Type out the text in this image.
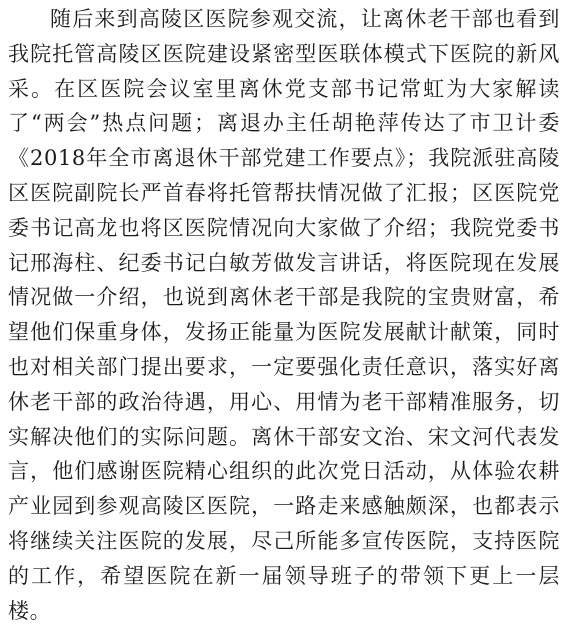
随后来到高陵区医院参观交流，让离休老干部也看到我院托管高陵区医院建设紧密型医联体模式下医院的新风采。在区医院会议室里离休党支部书记常虹为大家解读了“两会”热点问题；离退办主任胡艳萍传达了市卫计委《2018年全市离退休干部党建工作要点》；我院派驻高陵区医院副院长严首春将托管帮扶情况做了汇报；区医院党委书记高龙也将区医院情况向大家做了介绍；我院党委书记邢海柱、纪委书记白敏芳做发言讲话，将医院现在发展情况做一介绍，也说到离休老干部是我院的宝贵财富，希望他们保重身体，发扬正能量为医院发展献计献策，同时也对相关部门提出要求，一定要强化责任意识，落实好离休老干部的政治待遇，用心、用情为老干部精准服务，切实解决他们的实际问题。离休干部安文治、宋文河代表发言，他们感谢医院精心组织的此次党日活动，从体验农耕产业园到参观高陵区医院，一路走来感触颇深，也都表示将继续关注医院的发展，尽己所能多宣传医院，支持医院的工作，希望医院在新一届领导班子的带领下更上一层楼。
